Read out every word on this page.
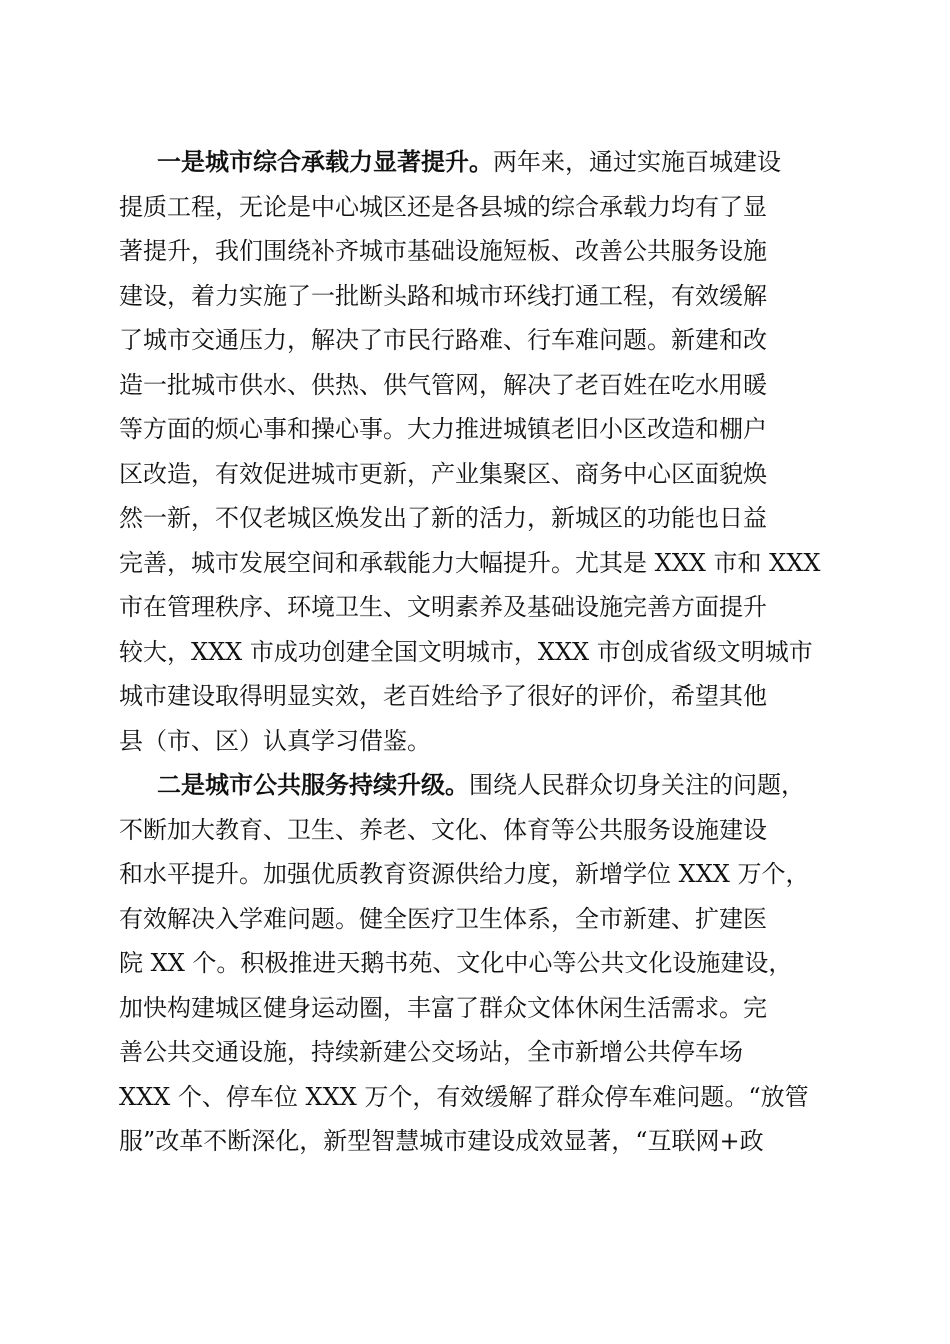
一是城市综合承载力显著提升。两年来，通过实施百城建设
提质工程，无论是中心城区还是各县城的综合承载力均有了显
著提升，我们围绕补齐城市基础设施短板、改善公共服务设施
建设，着力实施了一批断头路和城市环线打通工程，有效缓解
了城市交通压力，解决了市民行路难、行车难问题。新建和改
造一批城市供水、供热、供气管网，解决了老百姓在吃水用暖
等方面的烦心事和操心事。大力推进城镇老旧小区改造和棚户
区改造，有效促进城市更新，产业集聚区、商务中心区面貌焕
然一新，不仅老城区焕发出了新的活力，新城区的功能也日益
完善，城市发展空间和承载能力大幅提升。尤其是 XXX 市和 XXX
市在管理秩序、环境卫生、文明素养及基础设施完善方面提升
较大，XXX 市成功创建全国文明城市，XXX 市创成省级文明城市
城市建设取得明显实效，老百姓给予了很好的评价，希望其他
县（市、区）认真学习借鉴。
二是城市公共服务持续升级。围绕人民群众切身关注的问题，
不断加大教育、卫生、养老、文化、体育等公共服务设施建设
和水平提升。加强优质教育资源供给力度，新增学位 XXX 万个，
有效解决入学难问题。健全医疗卫生体系，全市新建、扩建医
院 XX 个。积极推进天鹅书苑、文化中心等公共文化设施建设，
加快构建城区健身运动圈，丰富了群众文体休闲生活需求。完
善公共交通设施，持续新建公交场站，全市新增公共停车场
XXX 个、停车位 XXX 万个，有效缓解了群众停车难问题。“放管
服”改革不断深化，新型智慧城市建设成效显著，“互联网+政
